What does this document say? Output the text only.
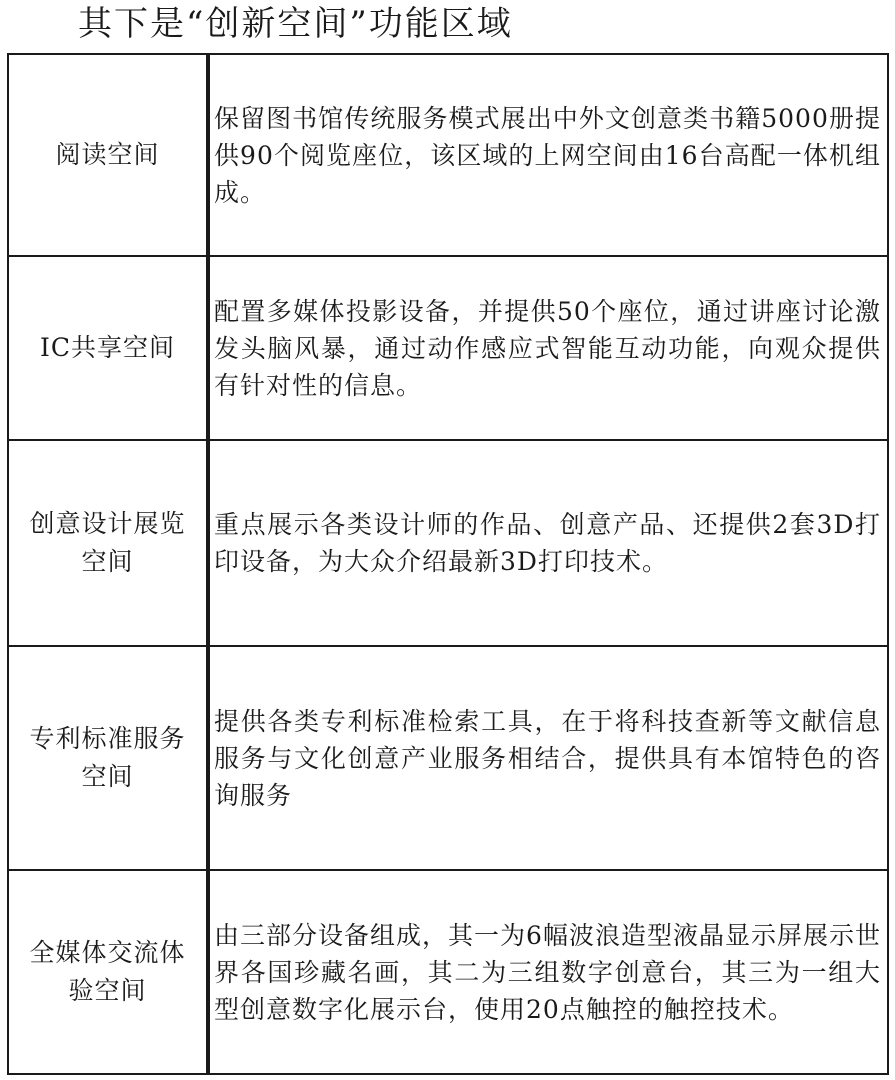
其下是“创新空间”功能区域
阅读空间	保留图书馆传统服务模式展出中外文创意类书籍5000册提供90个阅览座位，该区域的上网空间由16台高配一体机组成。

IC共享空间	配置多媒体投影设备，并提供50个座位，通过讲座讨论激发头脑风暴，通过动作感应式智能互动功能，向观众提供有针对性的信息。

创意设计展览空间	重点展示各类设计师的作品、创意产品、还提供2套3D打印设备，为大众介绍最新3D打印技术。

专利标准服务空间	提供各类专利标准检索工具，在于将科技查新等文献信息服务与文化创意产业服务相结合，提供具有本馆特色的咨询服务

全媒体交流体验空间	由三部分设备组成，其一为6幅波浪造型液晶显示屏展示世界各国珍藏名画，其二为三组数字创意台，其三为一组大型创意数字化展示台，使用20点触控的触控技术。
